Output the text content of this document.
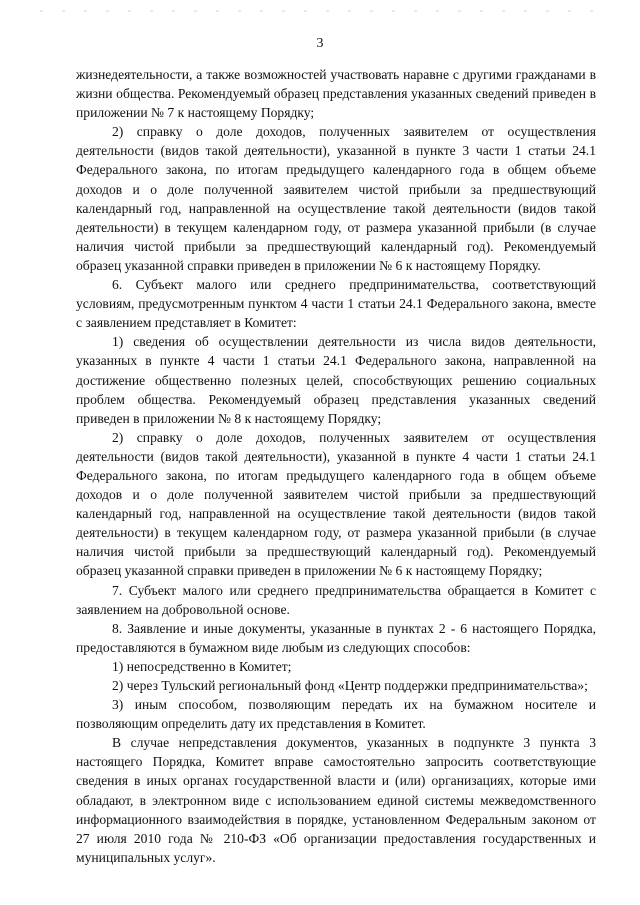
3

жизнедеятельности, а также возможностей участвовать наравне с другими гражданами в жизни общества. Рекомендуемый образец представления указанных сведений приведен в приложении № 7 к настоящему Порядку;

2) справку о доле доходов, полученных заявителем от осуществления деятельности (видов такой деятельности), указанной в пункте 3 части 1 статьи 24.1 Федерального закона, по итогам предыдущего календарного года в общем объеме доходов и о доле полученной заявителем чистой прибыли за предшествующий календарный год, направленной на осуществление такой деятельности (видов такой деятельности) в текущем календарном году, от размера указанной прибыли (в случае наличия чистой прибыли за предшествующий календарный год). Рекомендуемый образец указанной справки приведен в приложении № 6 к настоящему Порядку.

6. Субъект малого или среднего предпринимательства, соответствующий условиям, предусмотренным пунктом 4 части 1 статьи 24.1 Федерального закона, вместе с заявлением представляет в Комитет:

1) сведения об осуществлении деятельности из числа видов деятельности, указанных в пункте 4 части 1 статьи 24.1 Федерального закона, направленной на достижение общественно полезных целей, способствующих решению социальных проблем общества. Рекомендуемый образец представления указанных сведений приведен в приложении № 8 к настоящему Порядку;

2) справку о доле доходов, полученных заявителем от осуществления деятельности (видов такой деятельности), указанной в пункте 4 части 1 статьи 24.1 Федерального закона, по итогам предыдущего календарного года в общем объеме доходов и о доле полученной заявителем чистой прибыли за предшествующий календарный год, направленной на осуществление такой деятельности (видов такой деятельности) в текущем календарном году, от размера указанной прибыли (в случае наличия чистой прибыли за предшествующий календарный год). Рекомендуемый образец указанной справки приведен в приложении № 6 к настоящему Порядку;

7. Субъект малого или среднего предпринимательства обращается в Комитет с заявлением на добровольной основе.

8. Заявление и иные документы, указанные в пунктах 2 - 6 настоящего Порядка, предоставляются в бумажном виде любым из следующих способов:

1) непосредственно в Комитет;

2) через Тульский региональный фонд «Центр поддержки предпринимательства»;

3) иным способом, позволяющим передать их на бумажном носителе и позволяющим определить дату их представления в Комитет.

В случае непредставления документов, указанных в подпункте 3 пункта 3 настоящего Порядка, Комитет вправе самостоятельно запросить соответствующие сведения в иных органах государственной власти и (или) организациях, которые ими обладают, в электронном виде с использованием единой системы межведомственного информационного взаимодействия в порядке, установленном Федеральным законом от 27 июля 2010 года № 210-ФЗ «Об организации предоставления государственных и муниципальных услуг».
